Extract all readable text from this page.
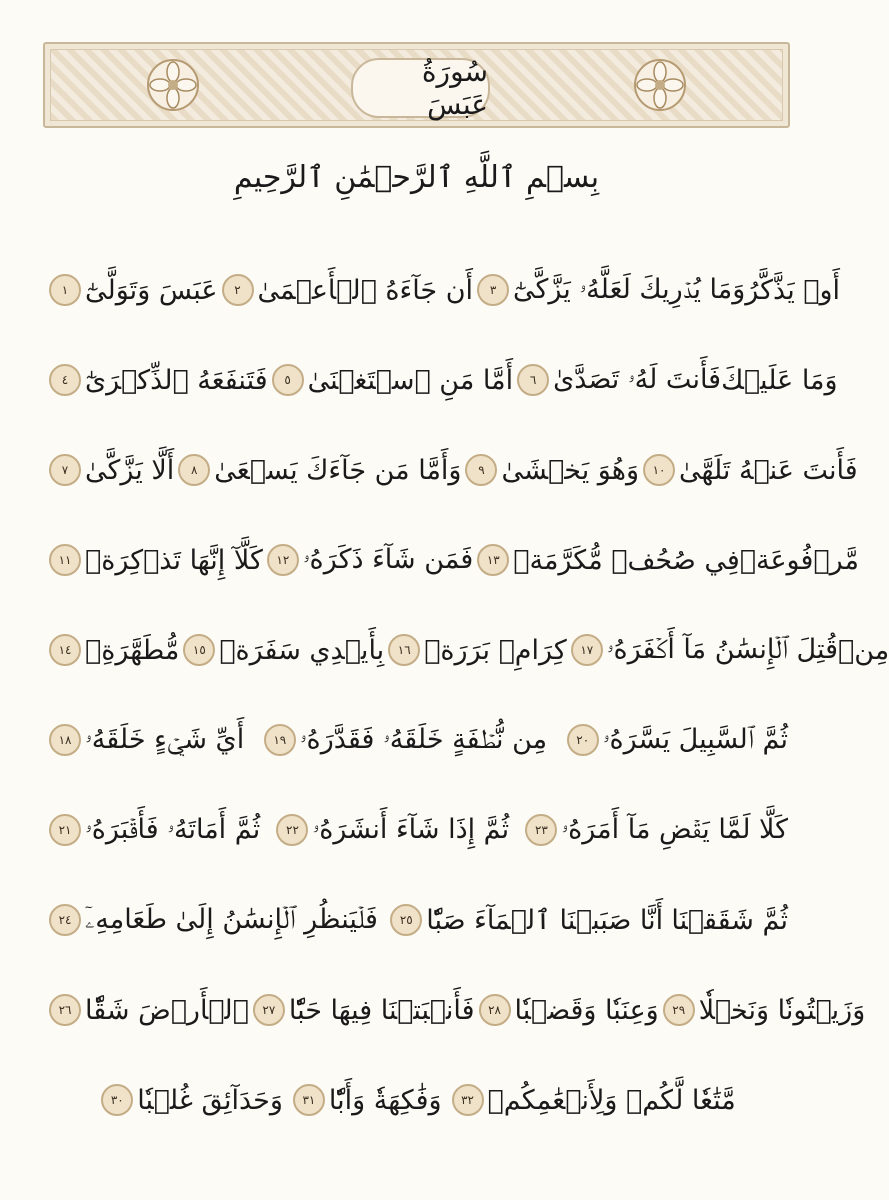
سُورَةُ عَبَسَ
بِسۡمِ ٱللَّهِ ٱلرَّحۡمَٰنِ ٱلرَّحِيمِ
عَبَسَ وَتَوَلَّىٰٓ
١	أَن جَآءَهُ ٱلۡأَعۡمَىٰ
٢	وَمَا يُدۡرِيكَ لَعَلَّهُۥ يَزَّكَّىٰٓ
٣	أَوۡ يَذَّكَّرُ
فَتَنفَعَهُ ٱلذِّكۡرَىٰٓ
٤	أَمَّا مَنِ ٱسۡتَغۡنَىٰ
٥	فَأَنتَ لَهُۥ تَصَدَّىٰ
٦	وَمَا عَلَيۡكَ
أَلَّا يَزَّكَّىٰ
٧	وَأَمَّا مَن جَآءَكَ يَسۡعَىٰ
٨	وَهُوَ يَخۡشَىٰ
٩	فَأَنتَ عَنۡهُ تَلَهَّىٰ
١٠
كَلَّآ إِنَّهَا تَذۡكِرَةٞ
١١	فَمَن شَآءَ ذَكَرَهُۥ
١٢	فِي صُحُفٖ مُّكَرَّمَةٖ
١٣	مَّرۡفُوعَةٖ
مُّطَهَّرَةِۭ
١٤	بِأَيۡدِي سَفَرَةٖ
١٥	كِرَامِۭ بَرَرَةٖ
١٦	قُتِلَ ٱلۡإِنسَٰنُ مَآ أَكۡفَرَهُۥ
١٧	مِنۡ
أَيِّ شَيۡءٍ خَلَقَهُۥ
١٨	مِن نُّطۡفَةٍ خَلَقَهُۥ فَقَدَّرَهُۥ
١٩	ثُمَّ ٱلسَّبِيلَ يَسَّرَهُۥ
٢٠
ثُمَّ أَمَاتَهُۥ فَأَقۡبَرَهُۥ
٢١	ثُمَّ إِذَا شَآءَ أَنشَرَهُۥ
٢٢	كَلَّا لَمَّا يَقۡضِ مَآ أَمَرَهُۥ
٢٣
فَلۡيَنظُرِ ٱلۡإِنسَٰنُ إِلَىٰ طَعَامِهِۦٓ
٢٤	أَنَّا صَبَبۡنَا ٱلۡمَآءَ صَبّٗا
٢٥	ثُمَّ شَقَقۡنَا
ٱلۡأَرۡضَ شَقّٗا
٢٦	فَأَنۢبَتۡنَا فِيهَا حَبّٗا
٢٧	وَعِنَبٗا وَقَضۡبٗا
٢٨	وَزَيۡتُونٗا وَنَخۡلٗا
٢٩
وَحَدَآئِقَ غُلۡبٗا
٣٠	وَفَٰكِهَةٗ وَأَبّٗا
٣١	مَّتَٰعٗا لَّكُمۡ وَلِأَنۡعَٰمِكُمۡ
٣٢
